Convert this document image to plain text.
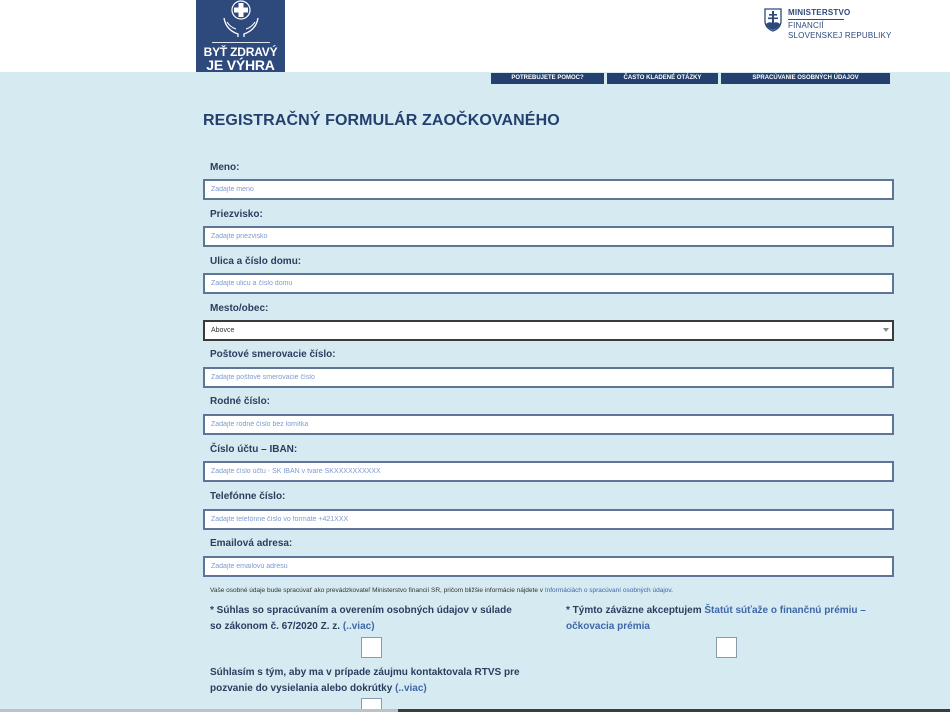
BYŤ ZDRAVÝ
JE VÝHRA
MINISTERSTVO
FINANCIÍ
SLOVENSKEJ REPUBLIKY
POTREBUJETE POMOC?	ČASTO KLADENÉ OTÁZKY	SPRACÚVANIE OSOBNÝCH ÚDAJOV
REGISTRAČNÝ FORMULÁR ZAOČKOVANÉHO
Meno:
Zadajte meno
Priezvisko:
Zadajte priezvisko
Ulica a číslo domu:
Zadajte ulicu a číslo domu
Mesto/obec:
Abovce
Poštové smerovacie číslo:
Zadajte poštové smerovacie číslo
Rodné číslo:
Zadajte rodné číslo bez lomítka
Číslo účtu – IBAN:
Zadajte číslo účtu - SK IBAN v tvare SKXXXXXXXXXX
Telefónne číslo:
Zadajte telefónne číslo vo formáte +421XXX
Emailová adresa:
Zadajte emailovú adresu
Vaše osobné údaje bude spracúvať ako prevádzkovateľ Ministerstvo financií SR, pričom bližšie informácie nájdete v Informáciách o spracúvaní osobných údajov.
* Súhlas so spracúvaním a overením osobných údajov v súlade so zákonom č. 67/2020 Z. z. (..viac)
* Týmto záväzne akceptujem Štatút súťaže o finančnú prémiu – očkovacia prémia
Súhlasím s tým, aby ma v prípade záujmu kontaktovala RTVS pre pozvanie do vysielania alebo dokrútky (..viac)
